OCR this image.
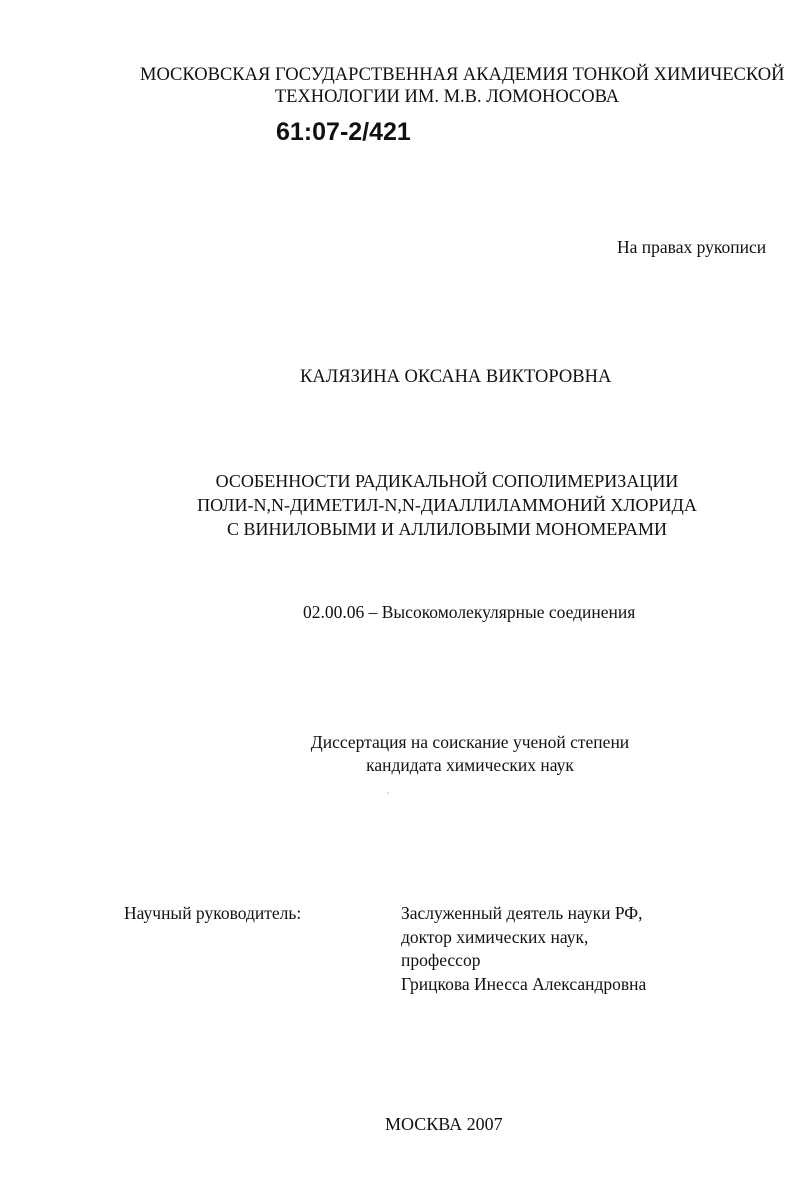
МОСКОВСКАЯ ГОСУДАРСТВЕННАЯ АКАДЕМИЯ ТОНКОЙ ХИМИЧЕСКОЙ
ТЕХНОЛОГИИ ИМ. М.В. ЛОМОНОСОВА
61:07-2/421
На правах рукописи
КАЛЯЗИНА ОКСАНА ВИКТОРОВНА
ОСОБЕННОСТИ РАДИКАЛЬНОЙ СОПОЛИМЕРИЗАЦИИ
ПОЛИ-N,N-ДИМЕТИЛ-N,N-ДИАЛЛИЛАММОНИЙ ХЛОРИДА
С ВИНИЛОВЫМИ И АЛЛИЛОВЫМИ МОНОМЕРАМИ
02.00.06 – Высокомолекулярные соединения
Диссертация на соискание ученой степени
кандидата химических наук
Научный руководитель:	Заслуженный деятель науки РФ,
доктор химических наук,
профессор
Грицкова Инесса Александровна
МОСКВА 2007
